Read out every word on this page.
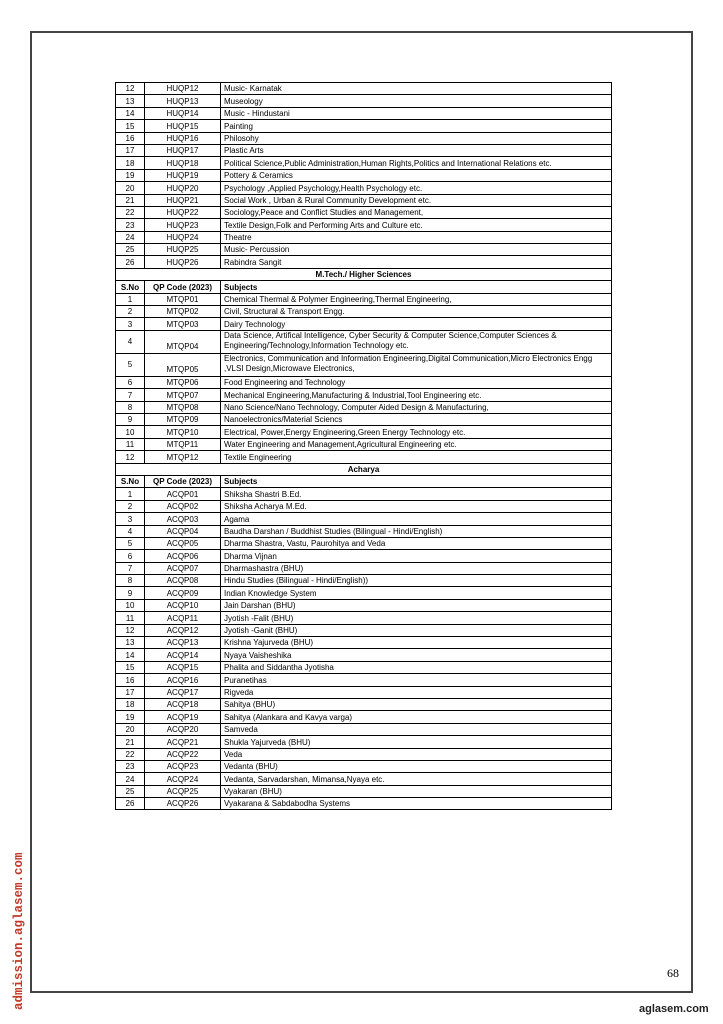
12	HUQP12	Music- Karnatak
13	HUQP13	Museology
14	HUQP14	Music - Hindustani
15	HUQP15	Painting
16	HUQP16	Philosohy
17	HUQP17	Plastic Arts
18	HUQP18	Political Science,Public Administration,Human Rights,Politics and International Relations etc.
19	HUQP19	Pottery & Ceramics
20	HUQP20	Psychology ,Applied Psychology,Health Psychology etc.
21	HUQP21	Social Work , Urban & Rural Community Development etc.
22	HUQP22	Sociology,Peace and Conflict Studies and Management,
23	HUQP23	Textile Design,Folk and Performing Arts and Culture etc.
24	HUQP24	Theatre
25	HUQP25	Music- Percussion
26	HUQP26	Rabindra Sangit
M.Tech./ Higher Sciences		
S.No	QP Code (2023)	Subjects
1	MTQP01	Chemical Thermal & Polymer Engineering,Thermal Engineering,
2	MTQP02	Civil, Structural & Transport Engg.
3	MTQP03	Dairy Technology
4	MTQP04	Data Science, Artifical Intelligence, Cyber Security & Computer Science,Computer Sciences & Engineering/Technology,Information Technology etc.
5	MTQP05	Electronics, Communication and Information Engineering,Digital Communication,Micro Electronics Engg ,VLSI Design,Microwave Electronics,
6	MTQP06	Food Engineering and Technology
7	MTQP07	Mechanical Engineering,Manufacturing & Industrial,Tool Engineering etc.
8	MTQP08	Nano Science/Nano Technology, Computer Aided Design & Manufacturing,
9	MTQP09	Nanoelectronics/Material Sciencs
10	MTQP10	Electrical, Power,Energy Engineering,Green Energy Technology etc.
11	MTQP11	Water Engineering and Management,Agricultural Engineering etc.
12	MTQP12	Textile Engineering
Acharya		
S.No	QP Code (2023)	Subjects
1	ACQP01	Shiksha Shastri B.Ed.
2	ACQP02	Shiksha Acharya M.Ed.
3	ACQP03	Agama
4	ACQP04	Baudha Darshan / Buddhist Studies (Bilingual - Hindi/English)
5	ACQP05	Dharma Shastra, Vastu, Paurohitya and Veda
6	ACQP06	Dharma Vijnan
7	ACQP07	Dharmashastra (BHU)
8	ACQP08	Hindu Studies (Bilingual - Hindi/English))
9	ACQP09	Indian Knowledge System
10	ACQP10	Jain Darshan (BHU)
11	ACQP11	Jyotish -Falit (BHU)
12	ACQP12	Jyotish -Ganit (BHU)
13	ACQP13	Krishna Yajurveda (BHU)
14	ACQP14	Nyaya Vaisheshika
15	ACQP15	Phalita and Siddantha Jyotisha
16	ACQP16	Puranetihas
17	ACQP17	Rigveda
18	ACQP18	Sahitya (BHU)
19	ACQP19	Sahitya (Alankara and Kavya varga)
20	ACQP20	Samveda
21	ACQP21	Shukla Yajurveda (BHU)
22	ACQP22	Veda
23	ACQP23	Vedanta (BHU)
24	ACQP24	Vedanta, Sarvadarshan, Mimansa,Nyaya etc.
25	ACQP25	Vyakaran (BHU)
26	ACQP26	Vyakarana & Sabdabodha Systems
68
admission.aglasem.com	aglasem.com
